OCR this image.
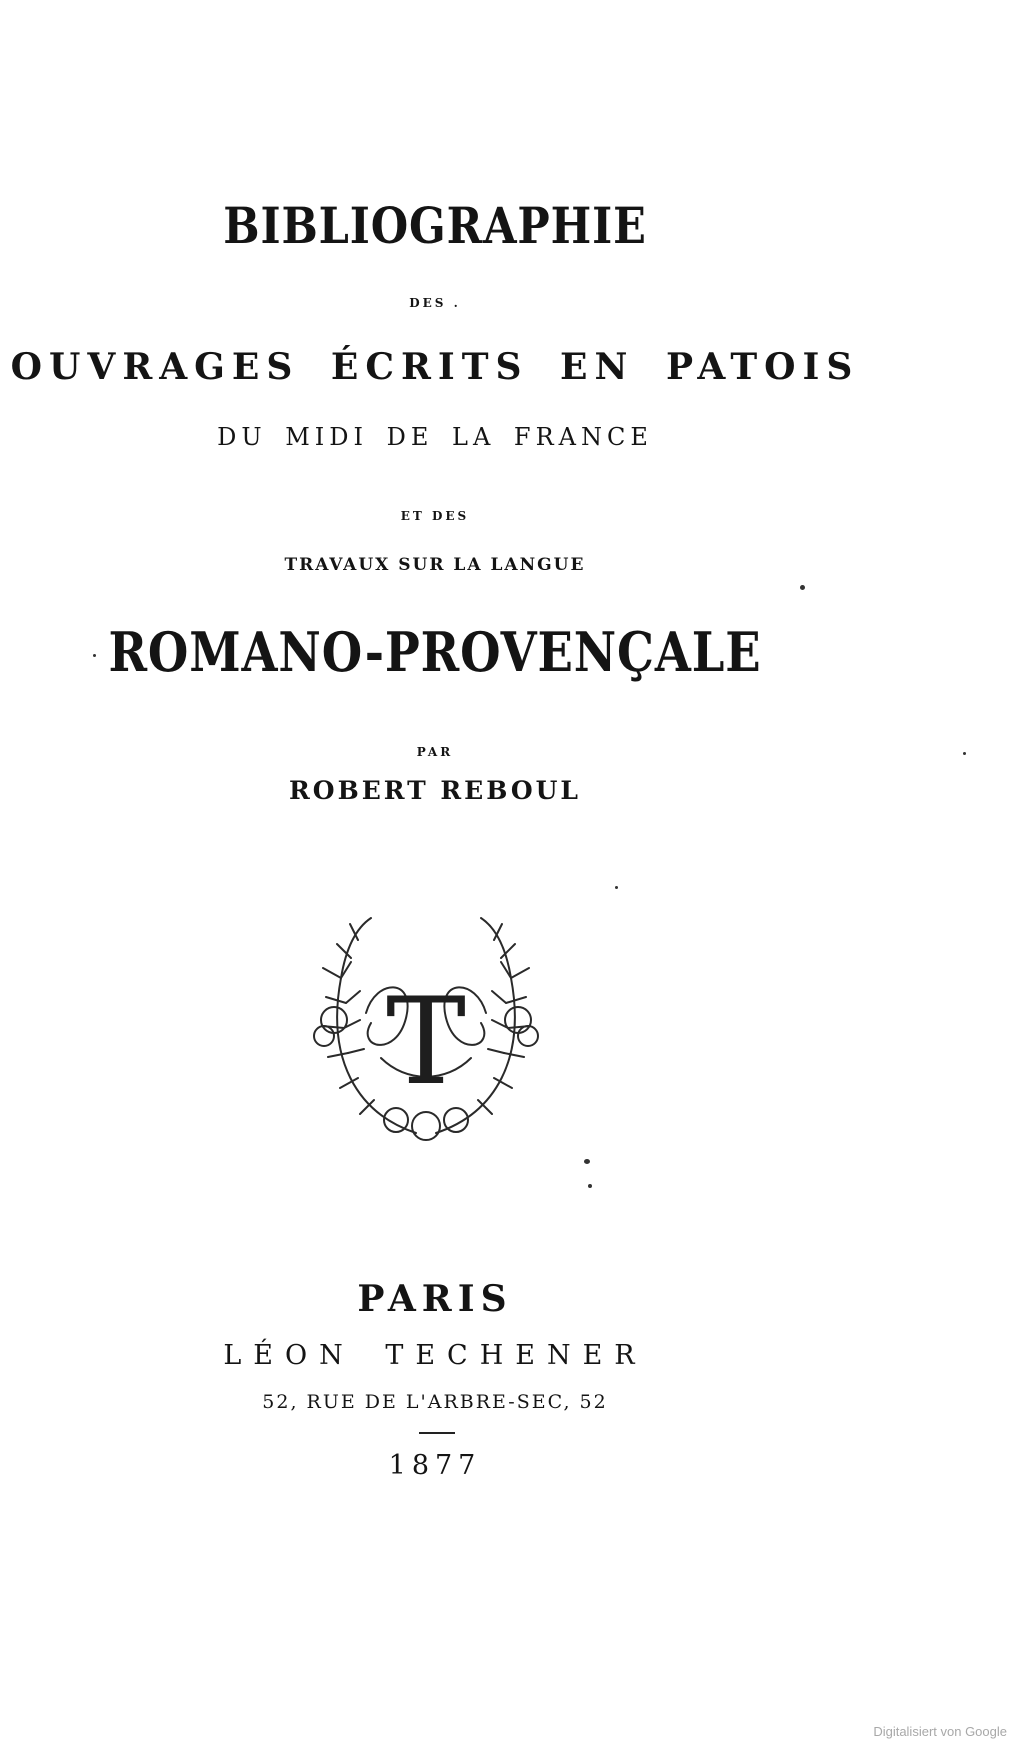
BIBLIOGRAPHIE
DES .
OUVRAGES ÉCRITS EN PATOIS
DU MIDI DE LA FRANCE
ET DES
TRAVAUX SUR LA LANGUE
ROMANO-PROVENÇALE
PAR
ROBERT REBOUL
T
PARIS
LÉON TECHENER
52, RUE DE L'ARBRE-SEC, 52
1877
Digitalisiert von Google
